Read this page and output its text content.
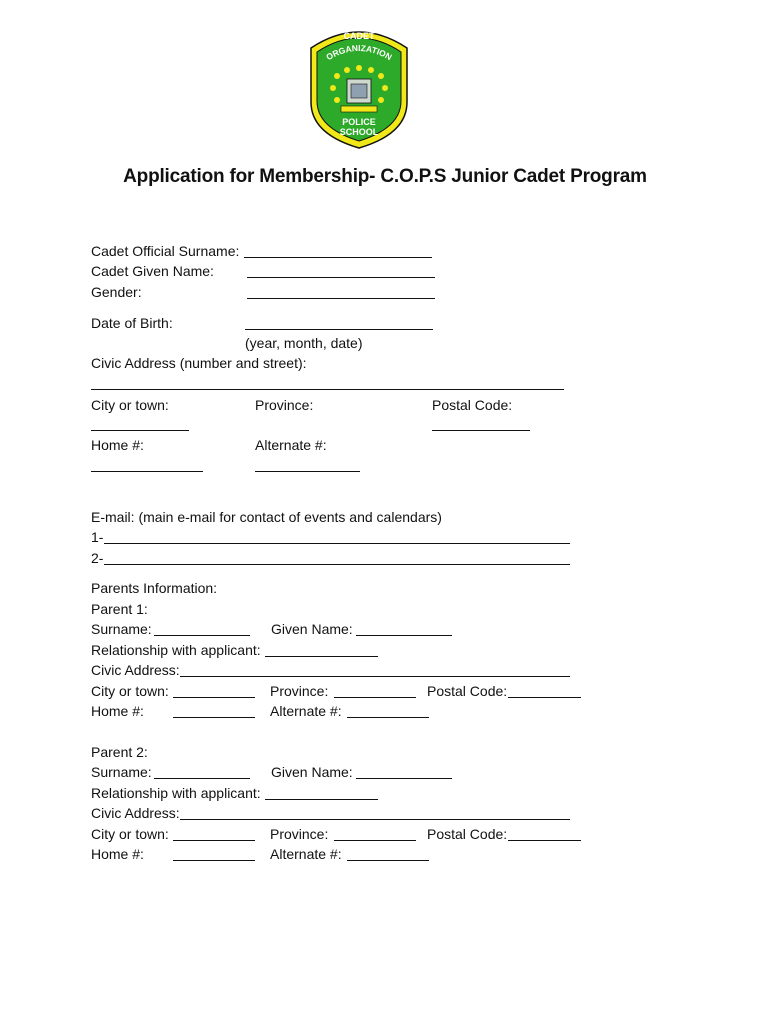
CADET
ORGANIZATION
POLICE
SCHOOL
Application for Membership- C.O.P.S Junior Cadet Program
Cadet Official Surname:
Cadet Given Name:
Gender:
Date of Birth:
(year, month, date)
Civic Address (number and street):
City or town:	Province:	Postal Code:
Home #:	Alternate #:
E-mail: (main e-mail for contact of events and calendars)
1-
2-
Parents Information:
Parent 1:
Surname:	Given Name:
Relationship with applicant:
Civic Address:
City or town:	Province:	Postal Code:
Home #:	Alternate #:
Parent 2:
Surname:	Given Name:
Relationship with applicant:
Civic Address:
City or town:	Province:	Postal Code:
Home #:	Alternate #:
